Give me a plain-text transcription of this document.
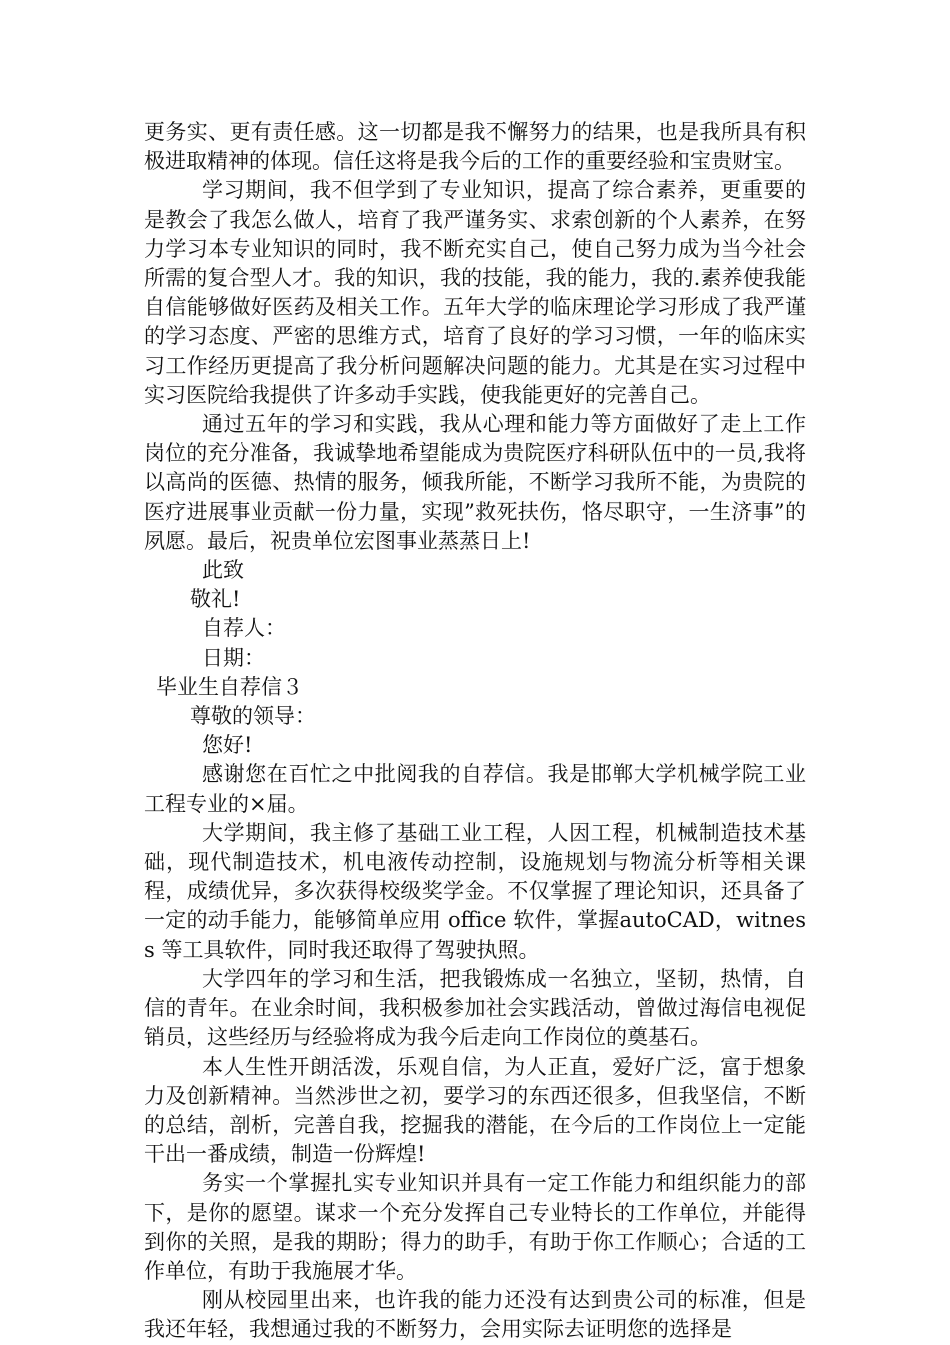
更务实、更有责任感。这一切都是我不懈努力的结果，也是我所具有积极进取精神的体现。信任这将是我今后的工作的重要经验和宝贵财宝。

学习期间，我不但学到了专业知识，提高了综合素养，更重要的是教会了我怎么做人，培育了我严谨务实、求索创新的个人素养，在努力学习本专业知识的同时，我不断充实自己，使自己努力成为当今社会所需的复合型人才。我的知识，我的技能，我的能力，我的.素养使我能自信能够做好医药及相关工作。五年大学的临床理论学习形成了我严谨的学习态度、严密的思维方式，培育了良好的学习习惯，一年的临床实习工作经历更提高了我分析问题解决问题的能力。尤其是在实习过程中实习医院给我提供了许多动手实践，使我能更好的完善自己。

通过五年的学习和实践，我从心理和能力等方面做好了走上工作岗位的充分准备，我诚挚地希望能成为贵院医疗科研队伍中的一员,我将以高尚的医德、热情的服务，倾我所能，不断学习我所不能，为贵院的医疗进展事业贡献一份力量，实现”救死扶伤，恪尽职守，一生济事”的夙愿。最后，祝贵单位宏图事业蒸蒸日上!

此致

敬礼!

自荐人：

日期：

毕业生自荐信３

尊敬的领导：

您好!

感谢您在百忙之中批阅我的自荐信。我是邯郸大学机械学院工业工程专业的×届。

大学期间，我主修了基础工业工程，人因工程，机械制造技术基础，现代制造技术，机电液传动控制，设施规划与物流分析等相关课程，成绩优异，多次获得校级奖学金。不仅掌握了理论知识，还具备了一定的动手能力，能够简单应用 office 软件，掌握autoCAD，witness 等工具软件，同时我还取得了驾驶执照。

大学四年的学习和生活，把我锻炼成一名独立，坚韧，热情，自信的青年。在业余时间，我积极参加社会实践活动，曾做过海信电视促销员，这些经历与经验将成为我今后走向工作岗位的奠基石。

本人生性开朗活泼，乐观自信，为人正直，爱好广泛，富于想象力及创新精神。当然涉世之初，要学习的东西还很多，但我坚信，不断的总结，剖析，完善自我，挖掘我的潜能，在今后的工作岗位上一定能干出一番成绩，制造一份辉煌!

务实一个掌握扎实专业知识并具有一定工作能力和组织能力的部下，是你的愿望。谋求一个充分发挥自己专业特长的工作单位，并能得到你的关照，是我的期盼；得力的助手，有助于你工作顺心；合适的工作单位，有助于我施展才华。

刚从校园里出来，也许我的能力还没有达到贵公司的标准，但是我还年轻，我想通过我的不断努力，会用实际去证明您的选择是
